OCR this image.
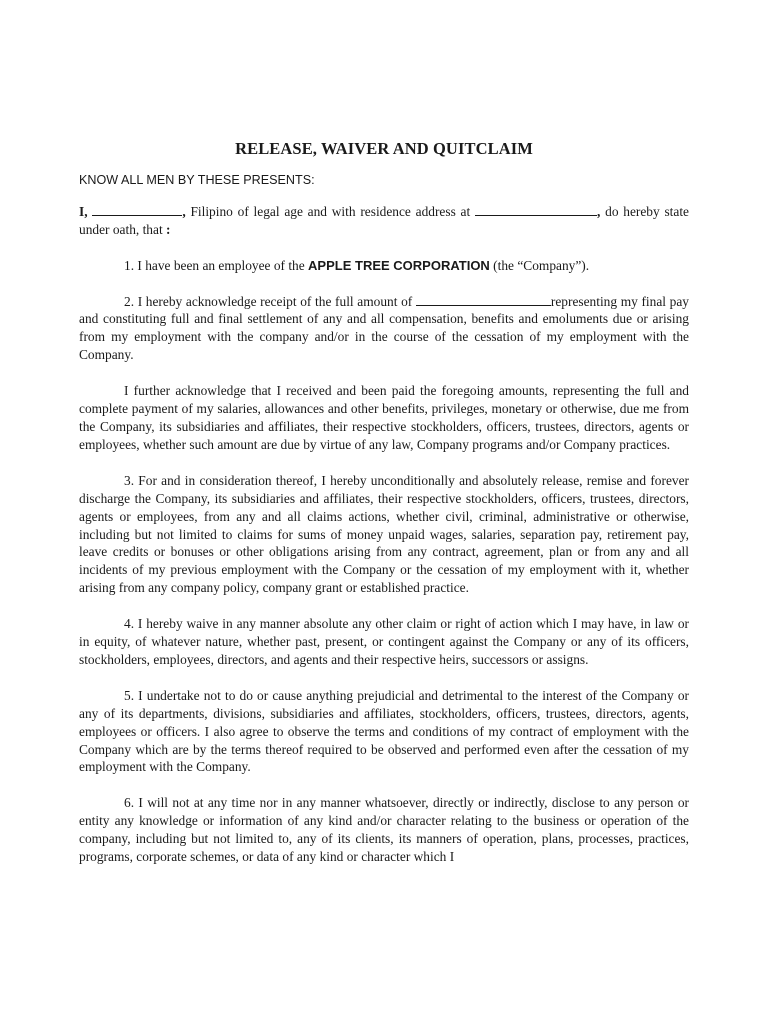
RELEASE, WAIVER AND QUITCLAIM
KNOW ALL MEN BY THESE PRESENTS:

I,	, Filipino of legal age and with residence address at	, do hereby state under oath, that :

1. I have been an employee of the APPLE TREE CORPORATION (the “Company”).

2. I hereby acknowledge receipt of the full amount of	representing my final pay and constituting full and final settlement of any and all compensation, benefits and emoluments due or arising from my employment with the company and/or in the course of the cessation of my employment with the Company.

I further acknowledge that I received and been paid the foregoing amounts, representing the full and complete payment of my salaries, allowances and other benefits, privileges, monetary or otherwise, due me from the Company, its subsidiaries and affiliates, their respective stockholders, officers, trustees, directors, agents or employees, whether such amount are due by virtue of any law, Company programs and/or Company practices.

3. For and in consideration thereof, I hereby unconditionally and absolutely release, remise and forever discharge the Company, its subsidiaries and affiliates, their respective stockholders, officers, trustees, directors, agents or employees, from any and all claims actions, whether civil, criminal, administrative or otherwise, including but not limited to claims for sums of money unpaid wages, salaries, separation pay, retirement pay, leave credits or bonuses or other obligations arising from any contract, agreement, plan or from any and all incidents of my previous employment with the Company or the cessation of my employment with it, whether arising from any company policy, company grant or established practice.

4. I hereby waive in any manner absolute any other claim or right of action which I may have, in law or in equity, of whatever nature, whether past, present, or contingent against the Company or any of its officers, stockholders, employees, directors, and agents and their respective heirs, successors or assigns.

5. I undertake not to do or cause anything prejudicial and detrimental to the interest of the Company or any of its departments, divisions, subsidiaries and affiliates, stockholders, officers, trustees, directors, agents, employees or officers. I also agree to observe the terms and conditions of my contract of employment with the Company which are by the terms thereof required to be observed and performed even after the cessation of my employment with the Company.

6. I will not at any time nor in any manner whatsoever, directly or indirectly, disclose to any person or entity any knowledge or information of any kind and/or character relating to the business or operation of the company, including but not limited to, any of its clients, its manners of operation, plans, processes, practices, programs, corporate schemes, or data of any kind or character which I
